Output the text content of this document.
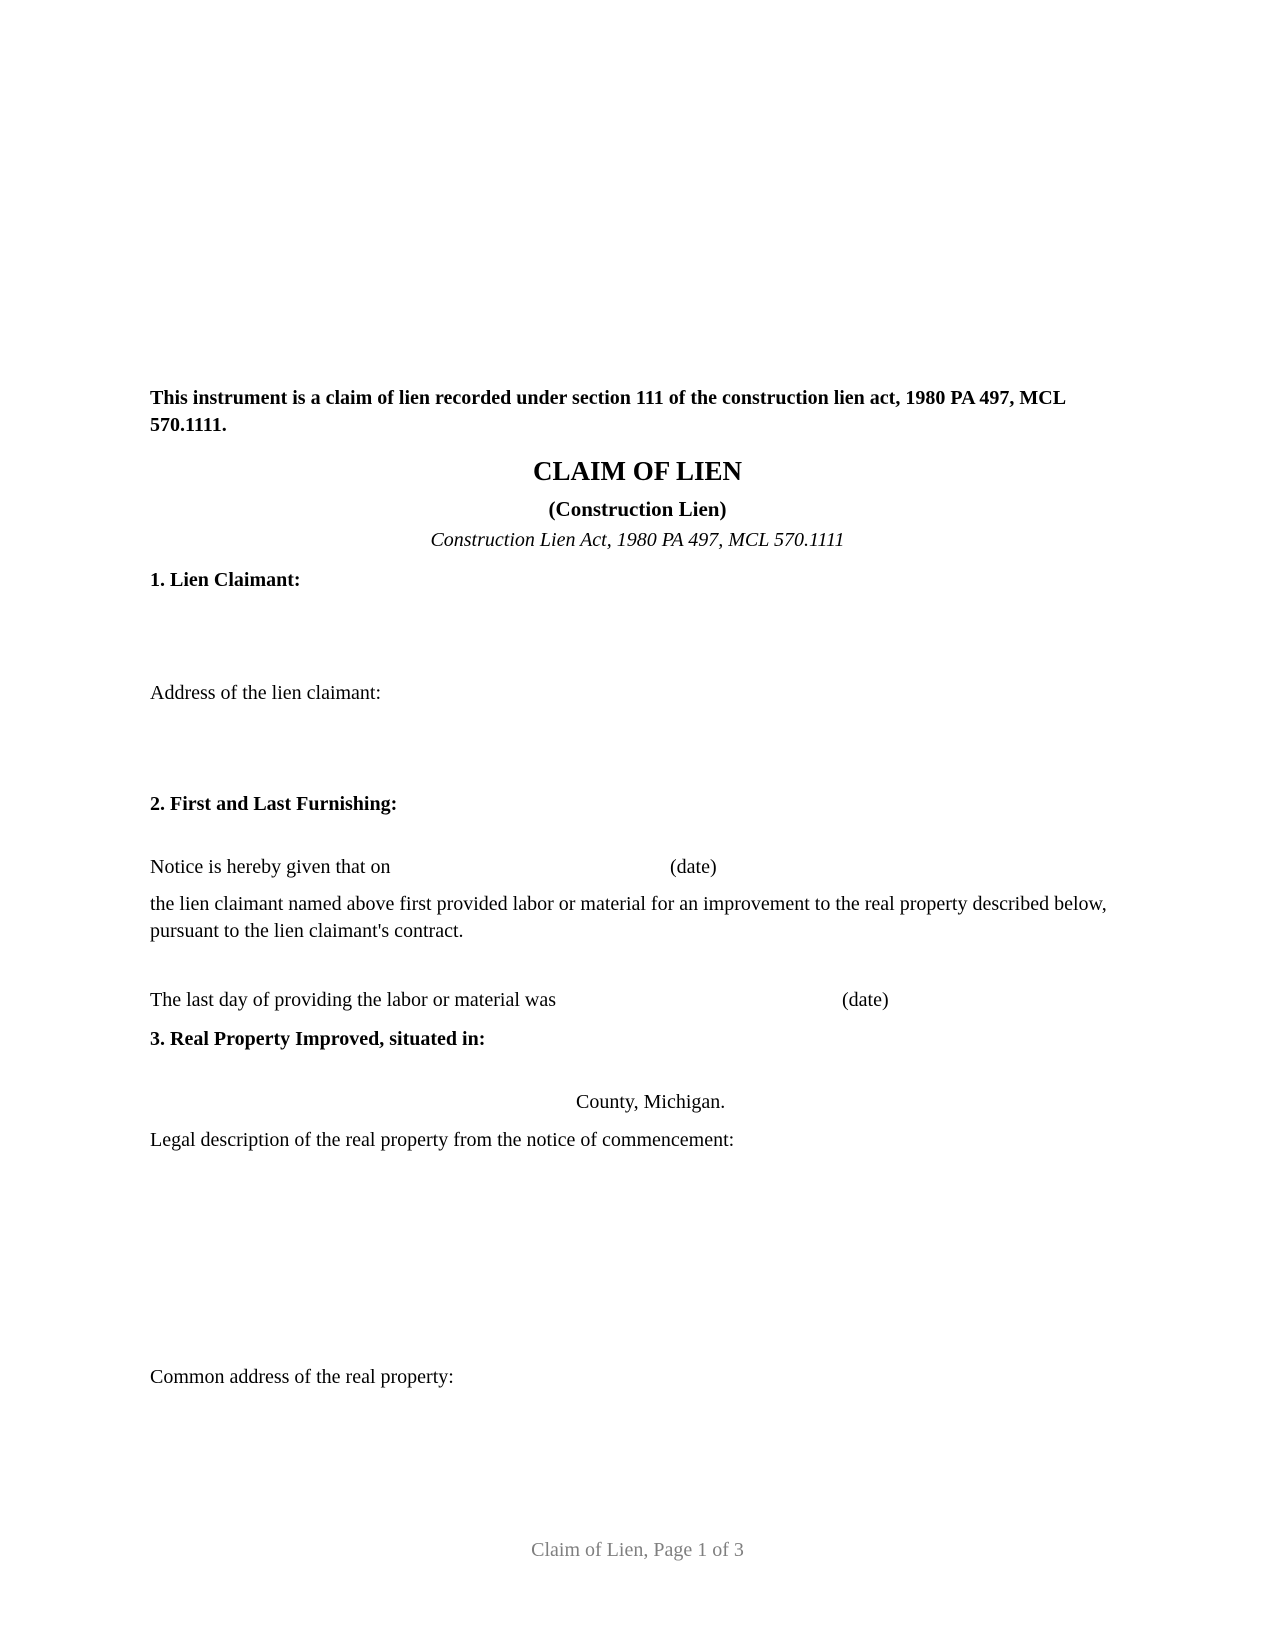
This instrument is a claim of lien recorded under section 111 of the construction lien act, 1980 PA 497, MCL 570.1111.

CLAIM OF LIEN

(Construction Lien)

Construction Lien Act, 1980 PA 497, MCL 570.1111

1. Lien Claimant:

Address of the lien claimant:

2. First and Last Furnishing:

Notice is hereby given that on	(date)

the lien claimant named above first provided labor or material for an improvement to the real property described below, pursuant to the lien claimant's contract.

The last day of providing the labor or material was	(date)

3. Real Property Improved, situated in:

County, Michigan.

Legal description of the real property from the notice of commencement:

Common address of the real property:

Claim of Lien, Page 1 of 3
